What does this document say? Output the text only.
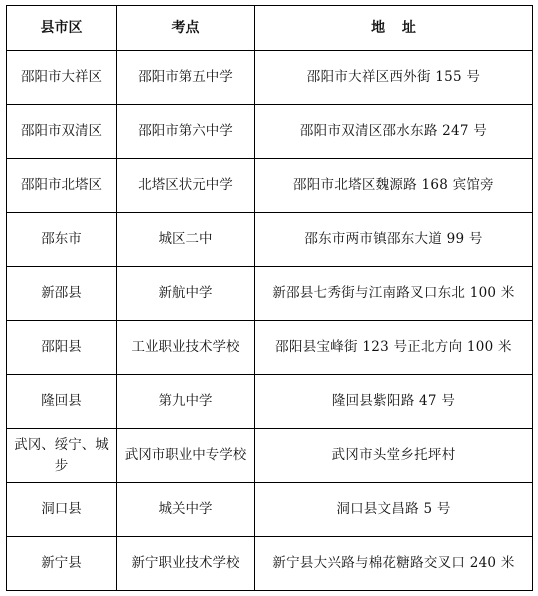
县市区	考点	地址
邵阳市大祥区	邵阳市第五中学	邵阳市大祥区西外街 155 号
邵阳市双清区	邵阳市第六中学	邵阳市双清区邵水东路 247 号
邵阳市北塔区	北塔区状元中学	邵阳市北塔区魏源路 168 宾馆旁
邵东市	城区二中	邵东市两市镇邵东大道 99 号
新邵县	新航中学	新邵县七秀街与江南路叉口东北 100 米
邵阳县	工业职业技术学校	邵阳县宝峰街 123 号正北方向 100 米
隆回县	第九中学	隆回县紫阳路 47 号
武冈、绥宁、城步	武冈市职业中专学校	武冈市头堂乡托坪村
洞口县	城关中学	洞口县文昌路 5 号
新宁县	新宁职业技术学校	新宁县大兴路与棉花糖路交叉口 240 米
